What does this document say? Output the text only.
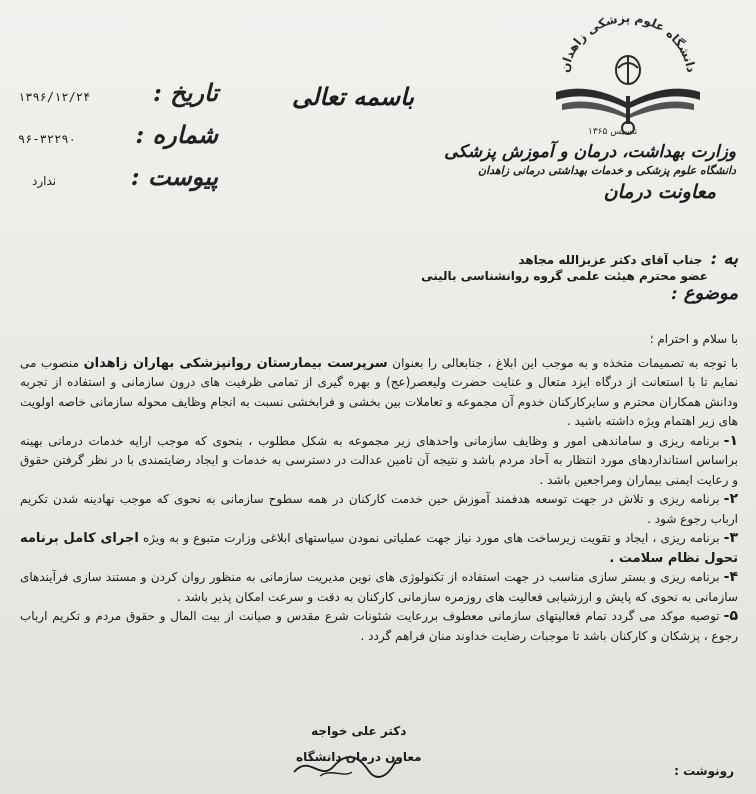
تاریخ :
۱۳۹۶/۱۲/۲۴
شماره :
۹۶-۳۲۲۹۰
پیوست :
ندارد
باسمه تعالی
دانشگاه علوم پزشکی زاهدان
تاسیس ۱۳۶۵
وزارت بهداشت، درمان و آموزش پزشکی
دانشگاه علوم پزشکی و خدمات بهداشتی درمانی زاهدان
معاونت درمان
به :
جناب آقای دکتر عزیزالله مجاهد
عضو محترم هیئت علمی گروه روانشناسی بالینی
موضوع :

با سلام و احترام ؛

با توجه به تصمیمات متخذه و به موجب این ابلاغ ، جنابعالی را بعنوان سرپرست بیمارستان روانپزشکی بهاران زاهدان منصوب می نمایم تا با استعانت از درگاه ایزد متعال و عنایت حضرت ولیعصر(عج) و بهره گیری از تمامی ظرفیت های درون سازمانی و استفاده از تجربه ودانش همکاران محترم و سایرکارکنان خدوم آن مجموعه و تعاملات بین بخشی و فرابخشی نسبت به انجام وظایف محوله سازمانی خاصه اولویت های زیر اهتمام ویژه داشته باشید .

۱-برنامه ریزی و ساماندهی امور و وظایف سازمانی واحدهای زیر مجموعه به شکل مطلوب ، بنحوی که موجب ارایه خدمات درمانی بهینه براساس استانداردهای مورد انتظار به آحاد مردم باشد و نتیجه آن تامین عدالت در دسترسی به خدمات و ایجاد رضایتمندی با در نظر گرفتن حقوق و رعایت ایمنی بیماران ومراجعین باشد .
۲-برنامه ریزی و تلاش در جهت توسعه هدفمند آموزش حین خدمت کارکنان در همه سطوح سازمانی به نحوی که موجب نهادینه شدن تکریم ارباب رجوع شود .
۳-برنامه ریزی ، ایجاد و تقویت زیرساخت های مورد نیاز جهت عملیاتی نمودن سیاستهای ابلاغی وزارت متبوع و به ویژه اجرای کامل برنامه تحول نظام سلامت .
۴-برنامه ریزی و بستر سازی مناسب در جهت استفاده از تکنولوژی های نوین مدیریت سازمانی به منظور روان کردن و مستند سازی فرآیندهای سازمانی به نحوی که پایش و ارزشیابی فعالیت های روزمره سازمانی کارکنان به دقت و سرعت امکان پذیر باشد .
۵-توصیه موکد می گردد تمام فعالیتهای سازمانی معطوف بررعایت شئونات شرع مقدس و صیانت از بیت المال و حقوق مردم و تکریم ارباب رجوع ، پزشکان و کارکنان باشد تا موجبات رضایت خداوند منان فراهم گردد .
دکتر علی خواجه
معاون درمان دانشگاه
رونوشت :
